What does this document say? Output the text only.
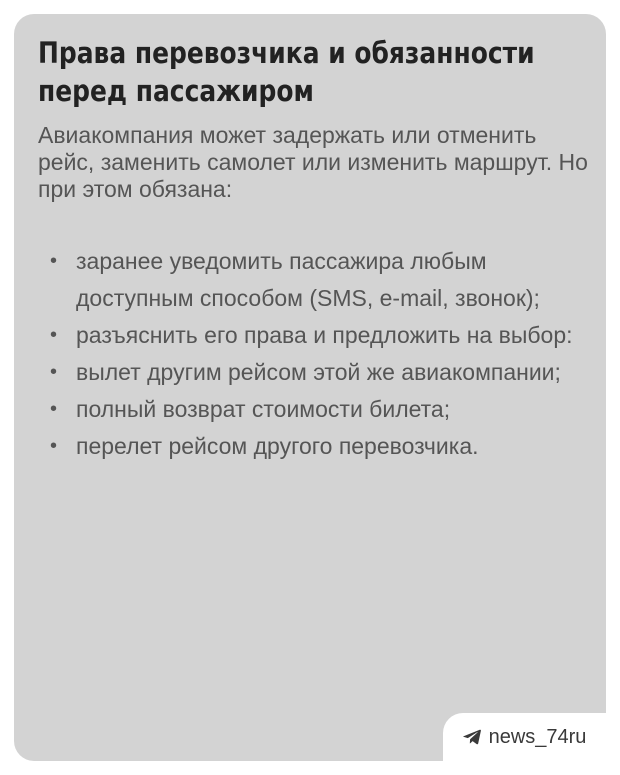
Права перевозчика и обязанности перед пассажиром

Авиакомпания может задержать или отменить рейс, заменить самолет или изменить маршрут. Но при этом обязана:

• заранее уведомить пассажира любым доступным способом (SMS, e-mail, звонок);
• разъяснить его права и предложить на выбор:
• вылет другим рейсом этой же авиакомпании;
• полный возврат стоимости билета;
• перелет рейсом другого перевозчика.
news_74ru
